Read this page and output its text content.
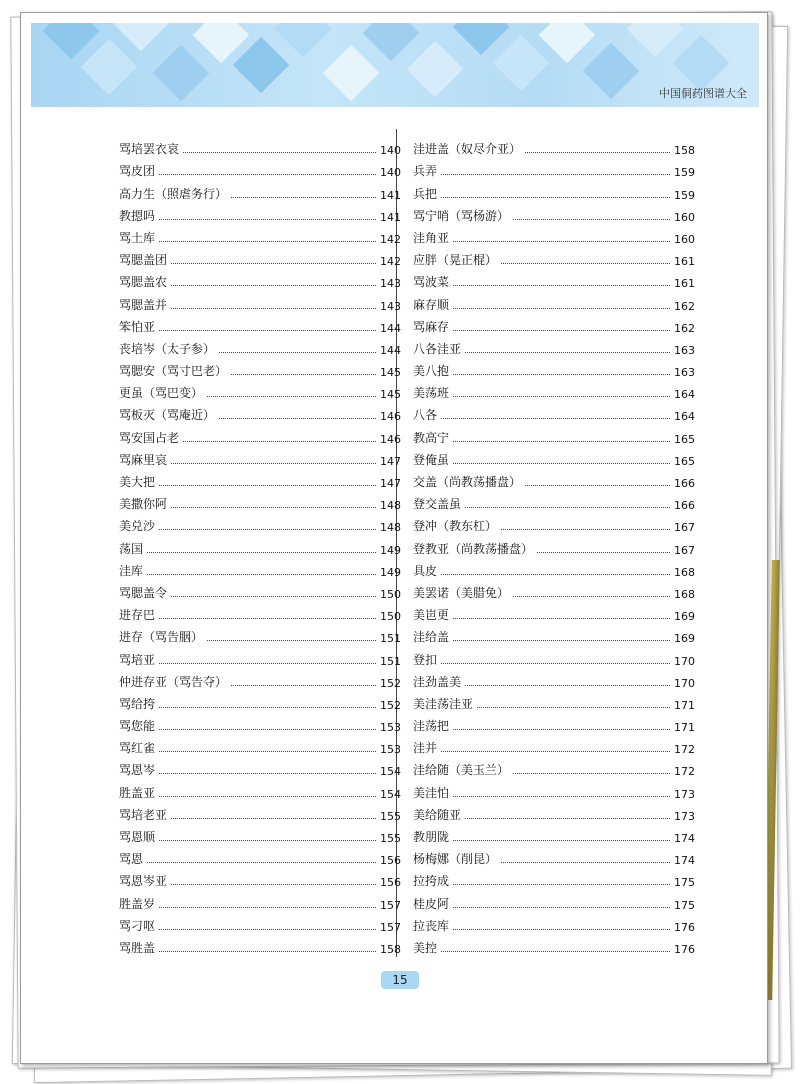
中国侗药图谱大全
骂培罢衣哀	140
骂皮团	140
高力生（照虐务行）	141
教摁吗	141
骂土库	142
骂腮盖团	142
骂腮盖农	143
骂腮盖并	143
笨怕亚	144
丧培岑（太子参）	144
骂腮安（骂寸巴老）	145
更虽（骂巴变）	145
骂板灭（骂庵近）	146
骂安国占老	146
骂麻里哀	147
美大把	147
美撒你阿	148
美兑沙	148
荡国	149
洼库	149
骂腮盖令	150
进存巴	150
进存（骂告胭）	151
骂培亚	151
仲进存亚（骂告夺）	152
骂给挎	152
骂您能	153
骂红雀	153
骂恩岑	154
胜盖亚	154
骂培老亚	155
骂恩顺	155
骂恩	156
骂恩岑亚	156
胜盖岁	157
骂刁呕	157
骂胜盖	158
洼进盖（奴尽介亚）	158
兵弄	159
兵把	159
骂宁哨（骂杨游）	160
洼角亚	160
应胖（晃正棍）	161
骂波菜	161
麻存顺	162
骂麻存	162
八各洼亚	163
美八抱	163
美荡班	164
八各	164
教高宁	165
登俺虽	165
交盖（尚教荡播盘）	166
登交盖虽	166
登冲（教东杠）	167
登教亚（尚教荡播盘）	167
具皮	168
美罢诺（美腊免）	168
美岜更	169
洼给盖	169
登扣	170
洼劲盖美	170
美洼荡洼亚	171
洼荡把	171
洼并	172
洼给随（美玉兰）	172
美洼怕	173
美给随亚	173
教朋陇	174
杨梅娜（削昆）	174
拉挎成	175
桂皮阿	175
拉丧库	176
美控	176
15
